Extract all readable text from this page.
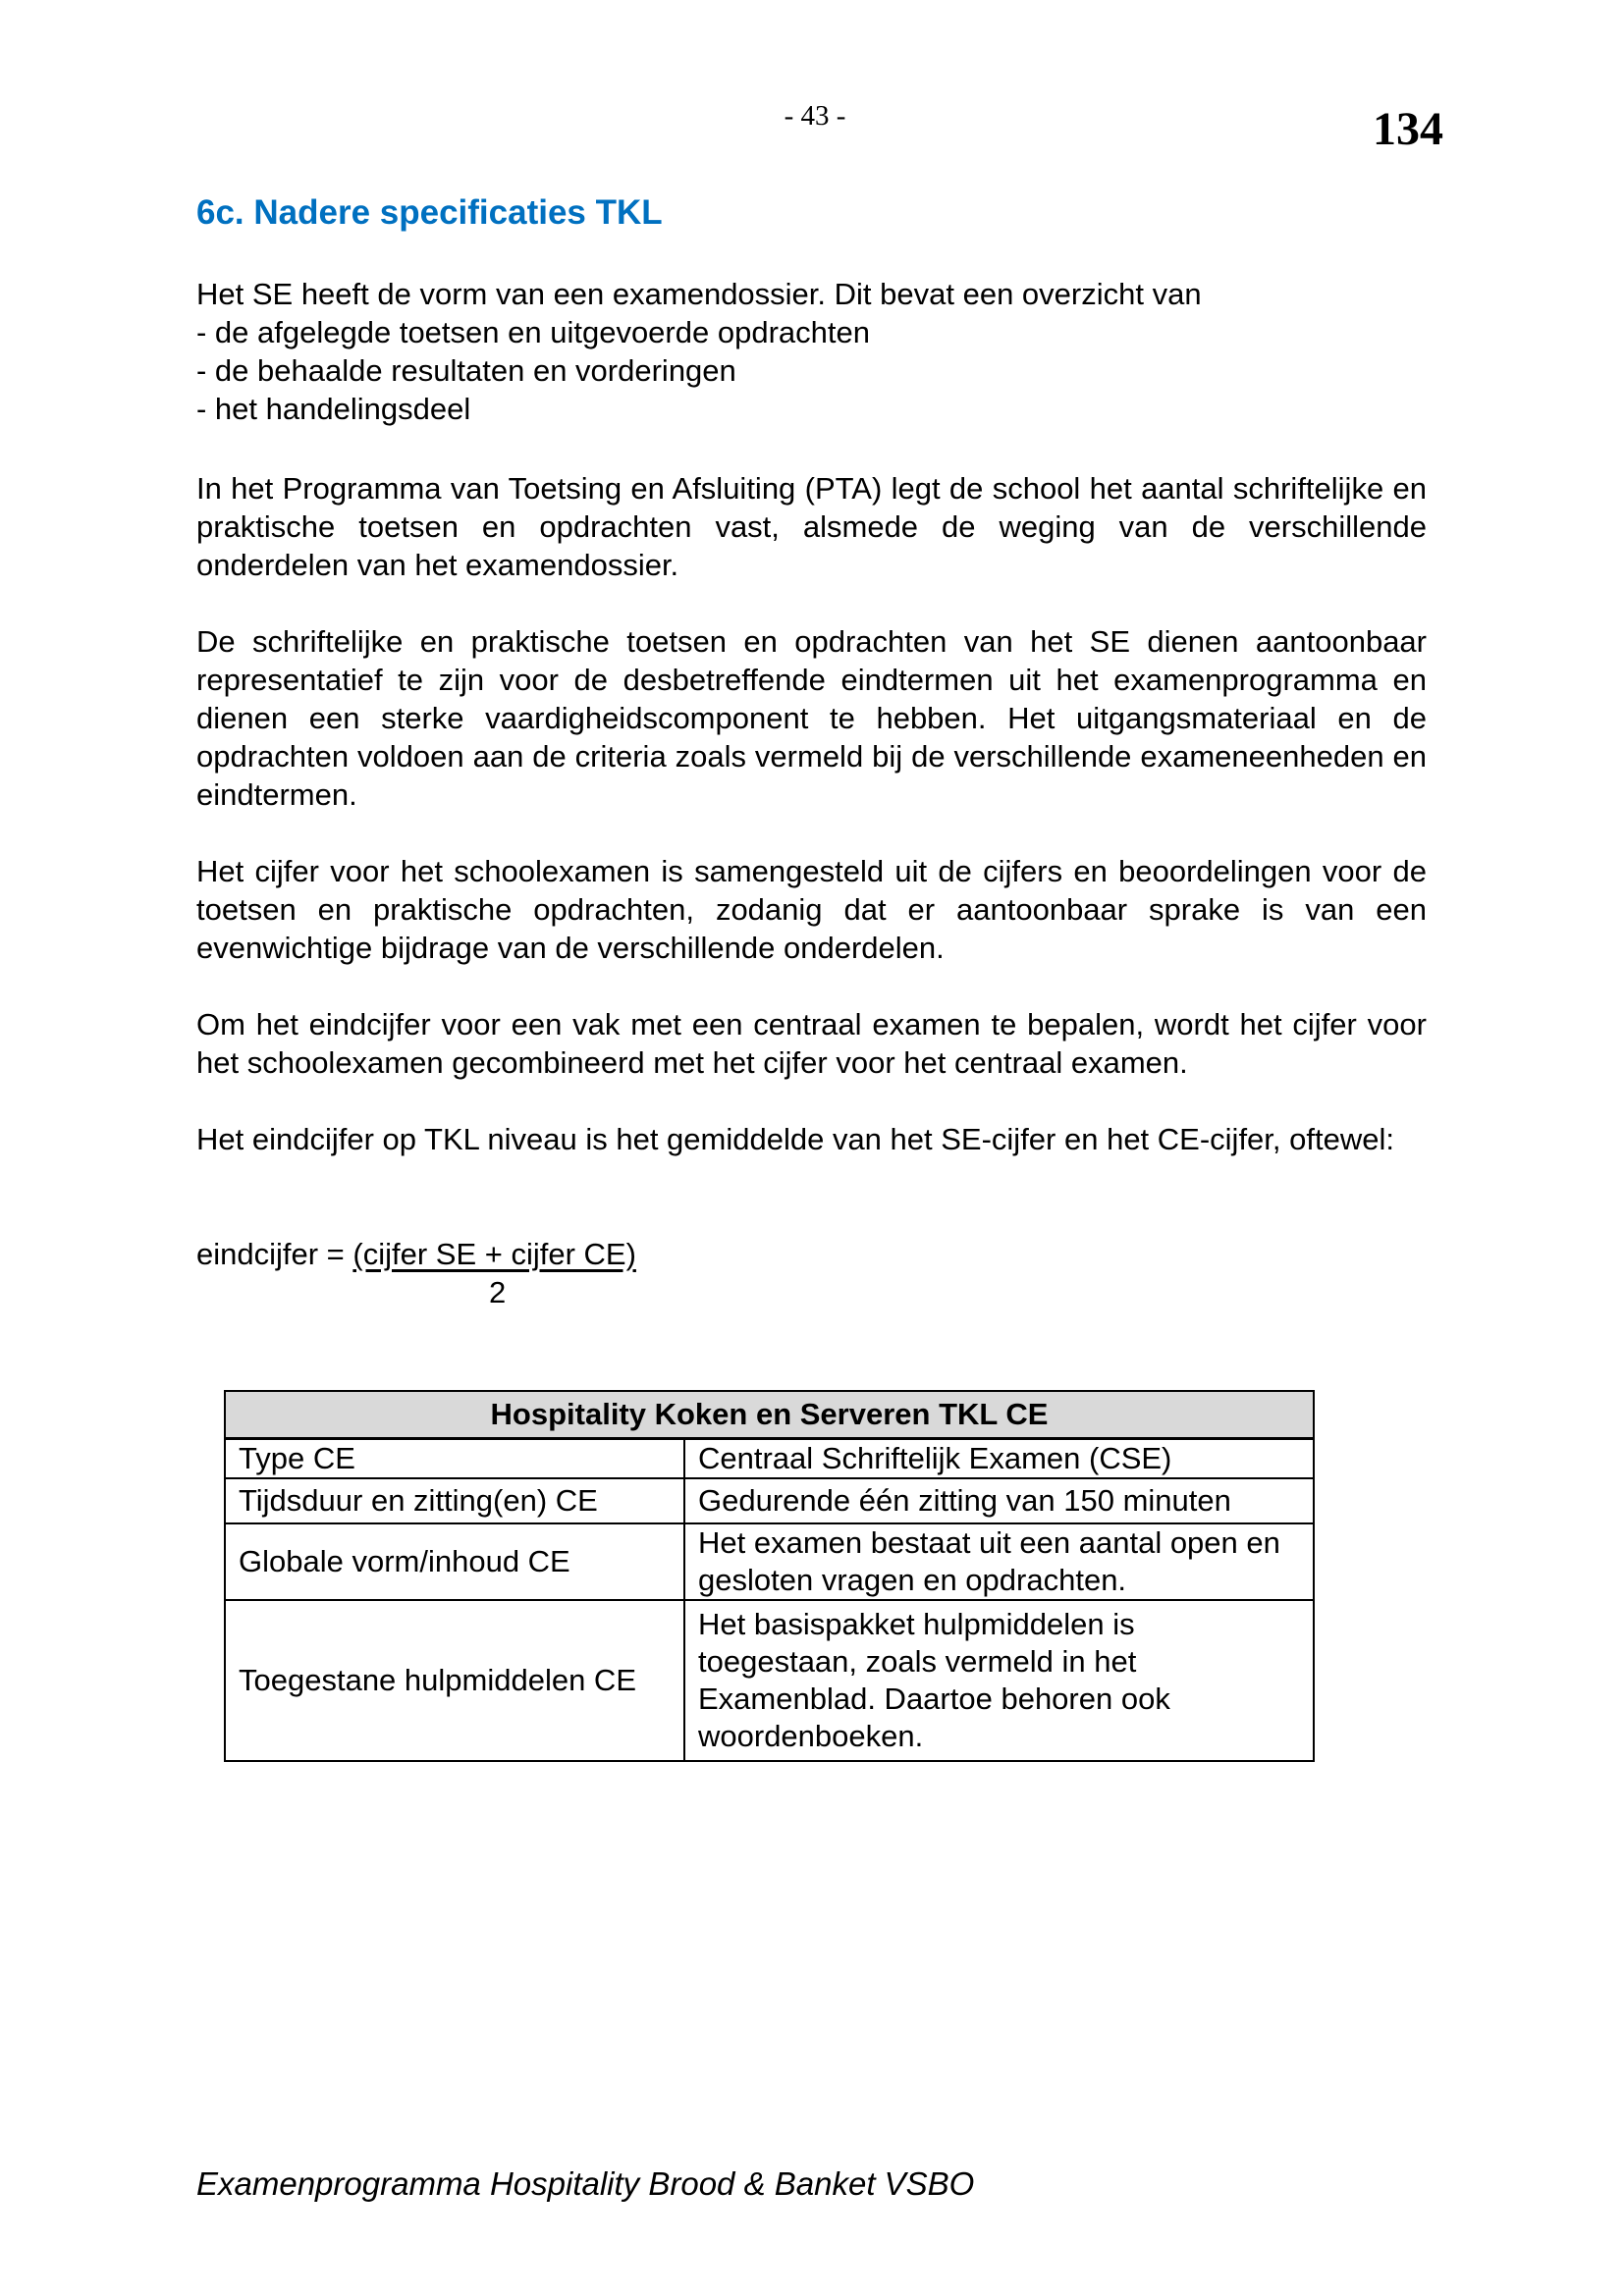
- 43 -	134
6c. Nadere specificaties TKL
Het SE heeft de vorm van een examendossier. Dit bevat een overzicht van
- de afgelegde toetsen en uitgevoerde opdrachten
- de behaalde resultaten en vorderingen
- het handelingsdeel

In het Programma van Toetsing en Afsluiting (PTA) legt de school het aantal schriftelijke en praktische toetsen en opdrachten vast, alsmede de weging van de verschillende onderdelen van het examendossier.

De schriftelijke en praktische toetsen en opdrachten van het SE dienen aantoonbaar representatief te zijn voor de desbetreffende eindtermen uit het examenprogramma en dienen een sterke vaardigheidscomponent te hebben. Het uitgangsmateriaal en de opdrachten voldoen aan de criteria zoals vermeld bij de verschillende exameneenheden en eindtermen.

Het cijfer voor het schoolexamen is samengesteld uit de cijfers en beoordelingen voor de toetsen en praktische opdrachten, zodanig dat er aantoonbaar sprake is van een evenwichtige bijdrage van de verschillende onderdelen.

Om het eindcijfer voor een vak met een centraal examen te bepalen, wordt het cijfer voor het schoolexamen gecombineerd met het cijfer voor het centraal examen.

Het eindcijfer op TKL niveau is het gemiddelde van het SE-cijfer en het CE-cijfer, oftewel:

eindcijfer = (cijfer SE + cijfer CE)
2
Hospitality Koken en Serveren TKL CE	
Type CE	Centraal Schriftelijk Examen (CSE)
Tijdsduur en zitting(en) CE	Gedurende één zitting van 150 minuten
Globale vorm/inhoud CE	Het examen bestaat uit een aantal open en gesloten vragen en opdrachten.
Toegestane hulpmiddelen CE	Het basispakket hulpmiddelen is toegestaan, zoals vermeld in het Examenblad. Daartoe behoren ook woordenboeken.
Examenprogramma Hospitality Brood & Banket VSBO
